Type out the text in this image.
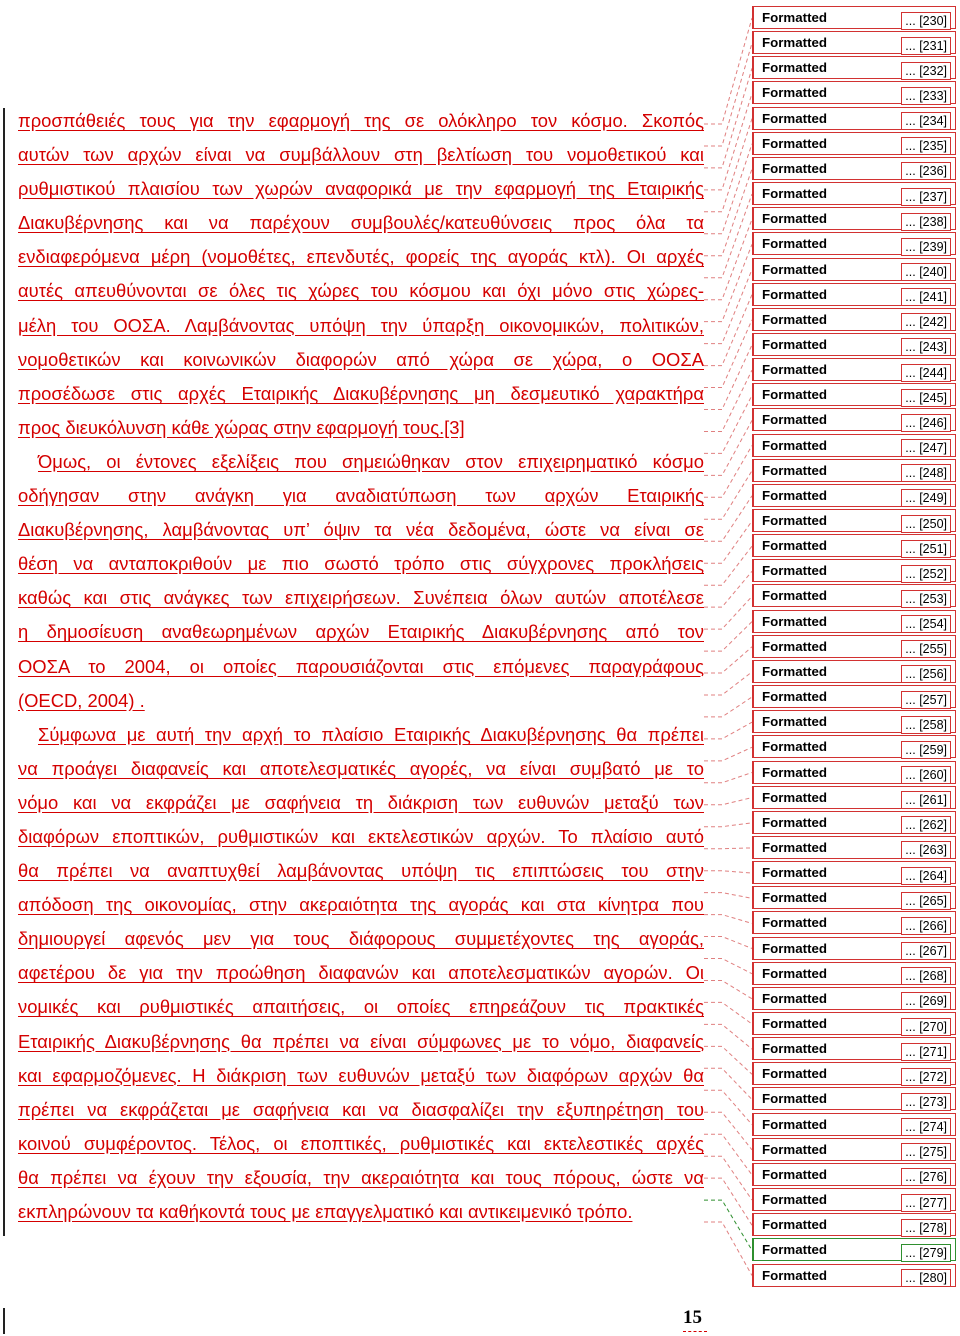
προσπάθειές τους για την εφαρμογή της σε ολόκληρο τον κόσμο. Σκοπός
αυτών των αρχών είναι να συμβάλλουν στη βελτίωση του νομοθετικού και
ρυθμιστικού πλαισίου των χωρών αναφορικά με την εφαρμογή της Εταιρικής
Διακυβέρνησης και να παρέχουν συμβουλές/κατευθύνσεις προς όλα τα
ενδιαφερόμενα μέρη (νομοθέτες, επενδυτές, φορείς της αγοράς κτλ). Οι αρχές
αυτές απευθύνονται σε όλες τις χώρες του κόσμου και όχι μόνο στις χώρες-
μέλη του ΟΟΣΑ. Λαμβάνοντας υπόψη την ύπαρξη οικονομικών, πολιτικών,
νομοθετικών και κοινωνικών διαφορών από χώρα σε χώρα, ο ΟΟΣΑ
προσέδωσε στις αρχές Εταιρικής Διακυβέρνησης μη δεσμευτικό χαρακτήρα
προς διευκόλυνση κάθε χώρας στην εφαρμογή τους.[3]

Όμως, οι έντονες εξελίξεις που σημειώθηκαν στον επιχειρηματικό κόσμο
οδήγησαν στην ανάγκη για αναδιατύπωση των αρχών Εταιρικής
Διακυβέρνησης, λαμβάνοντας υπ’ όψιν τα νέα δεδομένα, ώστε να είναι σε
θέση να ανταποκριθούν με πιο σωστό τρόπο στις σύγχρονες προκλήσεις
καθώς και στις ανάγκες των επιχειρήσεων. Συνέπεια όλων αυτών αποτέλεσε
η δημοσίευση αναθεωρημένων αρχών Εταιρικής Διακυβέρνησης από τον
ΟΟΣΑ το 2004, οι οποίες παρουσιάζονται στις επόμενες παραγράφους
(OECD, 2004) .

Σύμφωνα με αυτή την αρχή το πλαίσιο Εταιρικής Διακυβέρνησης θα πρέπει
να προάγει διαφανείς και αποτελεσματικές αγορές, να είναι συμβατό με το
νόμο και να εκφράζει με σαφήνεια τη διάκριση των ευθυνών μεταξύ των
διαφόρων εποπτικών, ρυθμιστικών και εκτελεστικών αρχών. Το πλαίσιο αυτό
θα πρέπει να αναπτυχθεί λαμβάνοντας υπόψη τις επιπτώσεις του στην
απόδοση της οικονομίας, στην ακεραιότητα της αγοράς και στα κίνητρα που
δημιουργεί αφενός μεν για τους διάφορους συμμετέχοντες της αγοράς,
αφετέρου δε για την προώθηση διαφανών και αποτελεσματικών αγορών. Οι
νομικές και ρυθμιστικές απαιτήσεις, οι οποίες επηρεάζουν τις πρακτικές
Εταιρικής Διακυβέρνησης θα πρέπει να είναι σύμφωνες με το νόμο, διαφανείς
και εφαρμοζόμενες. Η διάκριση των ευθυνών μεταξύ των διαφόρων αρχών θα
πρέπει να εκφράζεται με σαφήνεια και να διασφαλίζει την εξυπηρέτηση του
κοινού συμφέροντος. Τέλος, οι εποπτικές, ρυθμιστικές και εκτελεστικές αρχές
θα πρέπει να έχουν την εξουσία, την ακεραιότητα και τους πόρους, ώστε να
εκπληρώνουν τα καθήκοντά τους με επαγγελματικό και αντικειμενικό τρόπο.

Formatted	... [230]
Formatted	... [231]
Formatted	... [232]
Formatted	... [233]
Formatted	... [234]
Formatted	... [235]
Formatted	... [236]
Formatted	... [237]
Formatted	... [238]
Formatted	... [239]
Formatted	... [240]
Formatted	... [241]
Formatted	... [242]
Formatted	... [243]
Formatted	... [244]
Formatted	... [245]
Formatted	... [246]
Formatted	... [247]
Formatted	... [248]
Formatted	... [249]
Formatted	... [250]
Formatted	... [251]
Formatted	... [252]
Formatted	... [253]
Formatted	... [254]
Formatted	... [255]
Formatted	... [256]
Formatted	... [257]
Formatted	... [258]
Formatted	... [259]
Formatted	... [260]
Formatted	... [261]
Formatted	... [262]
Formatted	... [263]
Formatted	... [264]
Formatted	... [265]
Formatted	... [266]
Formatted	... [267]
Formatted	... [268]
Formatted	... [269]
Formatted	... [270]
Formatted	... [271]
Formatted	... [272]
Formatted	... [273]
Formatted	... [274]
Formatted	... [275]
Formatted	... [276]
Formatted	... [277]
Formatted	... [278]
Formatted	... [279]
Formatted	... [280]
15
